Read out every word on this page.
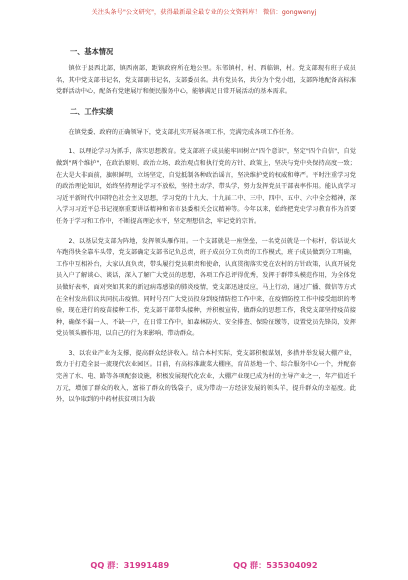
关注头条号"公文研究"，获得最新最全最专业的公文资料库！ 微信：gongwenyj
一、基本情况

镇位于县西北部，镇西南部，距镇政府所在地公里。东邻镇村，村、西临镇，村。党支部现有班子成员名，其中党支部书记名，党支部副书记名，支部委员名。共有党员名，共分为个党小组，支部阵地配备高标准党群活动中心，配备有党建展厅和便民服务中心，能够满足日常开展活动的基本需求。

二、工作实绩

在镇党委、政府的正确领导下，党支部扎实开展各项工作，完满完成各项工作任务。

1、以理论学习为抓手，落实思想教育。党支部班子成员能牢固树立"四个意识"，坚定"四个自信"，自觉做到"两个维护"，在政治原则、政治立场、政治观点和执行党的方针、政策上，坚决与党中央保持高度一致；在大是大非面前，旗帜鲜明，立场坚定，自觉抵制各种政治谣言，坚决维护党的权威和尊严。平时注重学习党的政治理论知识，始终坚持理论学习不放松，坚持主动学、带头学，努力发挥党员干部表率作用。能认真学习习近平新时代中国特色社会主义思想，学习党的十九大、十九届二中、三中、四中、五中、六中全会精神，深入学习习近平总书记视察重要讲话精神和省市县委相关会议精神等。今年以来，始终把党史学习教育作为首要任务于学习和工作中，不断提高理论水平，坚定理想信念，牢记党的宗旨。

2、以基层党支部为阵地，发挥领头雁作用。一个支部就是一座堡垒，一名党员就是一个标杆，俗话说火车跑得快全靠车头带，党支部确定支部书记负总责，班子成员分工负责的工作模式，班子成员做到分工明确，工作中互相补台，大家认真负责，带头履行党员职责和使命，认真贯彻落实党在农村的方针政策，认真开展党员入户了解谈心、谈话，深入了解广大党员的思想，各项工作总评得优秀，发挥于群带头模范作用，为全体党员做好表率，面对突如其来的新冠病毒感染的肺炎疫情，党支部迅速反应，马上行动，通过广播、微信等方式在全村发出倡议共同抗击疫情。同时号召广大党员投身到疫情防控工作中来，在疫情防控工作中接受组织的考验，现在进行的疫苗接种工作，党支部干部带头接种，并积极宣传，做群众的思想工作，我党支部坚持疫苗接种，确保不漏一人、不缺一户，在日常工作中，如森林防火、安全排查、保险征缴等，设置党员先锋岗，发挥党员领头雁作用，以自己的行为来影响、带动群众。

3、以农业产业为支撑，提高群众经济收入。结合本村实际，党支部积极谋划，多措并举发展大棚产业，致力于打造全县一流现代农业园区。目前，有高标准蔬菜大棚座，育苗基地一个、综合服务中心一个，并配套完善了水、电、路等各项配套设施，积极发展现代化农业，大棚产业现已成为村的主导产业之一，年产值近千万元，增加了群众的收入，富裕了群众的钱袋子，成为带动一方经济发展的领头羊，提升群众的幸福度。此外，以争取到的中药材扶贫项目为载

QQ 群：31991489	QQ 群：535304092
